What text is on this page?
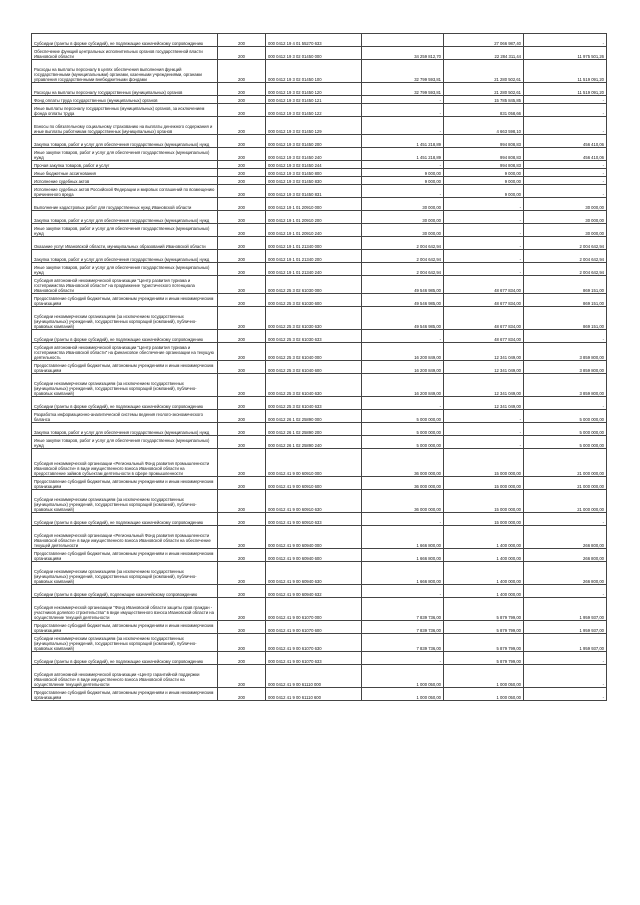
Субсидии (гранты в форме субсидий), не подлежащие казначейскому сопровождению	200	000 0412 19 4 01 55270 633		27 066 987,40	-
Обеспечение функций центральных исполнительных органов государственной власти Ивановской области	200	000 0412 19 3 02 01450 000	34 259 812,70	22 284 311,44	11 975 501,26
Расходы на выплаты персоналу в целях обеспечения выполнения функций государственными (муниципальными) органами, казенными учреждениями, органами управления государственными внебюджетными фондами	200	000 0412 19 3 02 01450 100	32 799 593,81	21 280 502,61	11 519 091,20
Расходы на выплаты персоналу государственных (муниципальных) органов	200	000 0412 19 3 02 01450 120	32 799 593,81	21 280 502,61	11 519 091,20
Фонд оплаты труда государственных (муниципальных) органов	200	000 0412 19 3 02 01450 121	-	15 785 845,85	-
Иные выплаты персоналу государственных (муниципальных) органов, за исключением фонда оплаты труда	200	000 0412 19 3 02 01450 122	-	831 058,66	-
Взносы по обязательному социальному страхованию на выплаты денежного содержания и иные выплаты работникам государственных (муниципальных) органов	200	000 0412 19 3 02 01450 129	-	4 663 598,10	-
Закупка товаров, работ и услуг для обеспечения государственных (муниципальных) нужд	200	000 0412 19 3 02 01450 200	1 451 218,89	994 808,83	456 410,06
Иные закупки товаров, работ и услуг для обеспечения государственных (муниципальных) нужд	200	000 0412 19 3 02 01450 240	1 451 218,89	994 808,83	456 410,06
Прочая закупка товаров, работ и услуг	200	000 0412 19 3 02 01450 244	-	994 808,83	-
Иные бюджетные ассигнования	200	000 0412 19 3 02 01450 800	9 000,00	9 000,00	-
Исполнение судебных актов	200	000 0412 19 3 02 01450 830	9 000,00	9 000,00	-
Исполнение судебных актов Российской Федерации и мировых соглашений по возмещению причиненного вреда	200	000 0412 19 3 02 01450 831	-	9 000,00	-
Выполнение кадастровых работ для государственных нужд Ивановской области	200	000 0412 19 1 01 20910 000	30 000,00	-	30 000,00
Закупка товаров, работ и услуг для обеспечения государственных (муниципальных) нужд	200	000 0412 19 1 01 20910 200	30 000,00	-	30 000,00
Иные закупки товаров, работ и услуг для обеспечения государственных (муниципальных) нужд	200	000 0412 19 1 01 20910 240	30 000,00	-	30 000,00
Оказание услуг Ивановской области, муниципальных образований Ивановской области	200	000 0412 19 1 01 21340 000	2 004 642,94	-	2 004 642,94
Закупка товаров, работ и услуг для обеспечения государственных (муниципальных) нужд	200	000 0412 19 1 01 21340 200	2 004 642,94	-	2 004 642,94
Иные закупки товаров, работ и услуг для обеспечения государственных (муниципальных) нужд	200	000 0412 19 1 01 21340 240	2 004 642,94	-	2 004 642,94
Субсидия автономной некоммерческой организации "Центр развития туризма и гостеприимства Ивановской области" на продвижение туристического потенциала Ивановской области	200	000 0412 25 3 02 61030 000	49 546 985,00	48 677 834,00	869 151,00
Предоставление субсидий бюджетным, автономным учреждениям и иным некоммерческим организациям	200	000 0412 25 3 02 61030 600	49 546 985,00	48 677 834,00	869 151,00
Субсидии некоммерческим организациям (за исключением государственных (муниципальных) учреждений, государственных корпораций (компаний), публично-правовых компаний)	200	000 0412 25 3 02 61030 630	49 546 985,00	48 677 834,00	869 151,00
Субсидии (гранты в форме субсидий), не подлежащие казначейскому сопровождению	200	000 0412 25 3 02 61030 633	-	48 677 834,00	-
Субсидия автономной некоммерческой организации "Центр развития туризма и гостеприимства Ивановской области" на финансовое обеспечение организации на текущую деятельность	200	000 0412 25 3 02 61040 000	16 200 849,00	12 341 049,00	3 859 800,00
Предоставление субсидий бюджетным, автономным учреждениям и иным некоммерческим организациям	200	000 0412 25 3 02 61040 600	16 200 849,00	12 341 049,00	3 859 800,00
Субсидии некоммерческим организациям (за исключением государственных (муниципальных) учреждений, государственных корпораций (компаний), публично-правовых компаний)	200	000 0412 25 3 02 61040 630	16 200 849,00	12 341 049,00	3 859 800,00
Субсидии (гранты в форме субсидий), не подлежащие казначейскому сопровождению	200	000 0412 25 3 02 61040 633	-	12 341 049,00	-
Разработка информационно-аналитической системы ведения геолого-экономического баланса	200	000 0412 26 1 02 25890 000	5 000 000,00	-	5 000 000,00
Закупка товаров, работ и услуг для обеспечения государственных (муниципальных) нужд	200	000 0412 26 1 02 25890 200	5 000 000,00	-	5 000 000,00
Иные закупки товаров, работ и услуг для обеспечения государственных (муниципальных) нужд	200	000 0412 26 1 02 25890 240	5 000 000,00	-	5 000 000,00
Субсидия некоммерческой организации «Региональный Фонд развития промышленности Ивановской области» в виде имущественного взноса Ивановской области на предоставление займов субъектам деятельности в сфере промышленности	200	000 0412 41 9 00 60910 000	36 000 000,00	15 000 000,00	21 000 000,00
Предоставление субсидий бюджетным, автономным учреждениям и иным некоммерческим организациям	200	000 0412 41 9 00 60910 600	36 000 000,00	15 000 000,00	21 000 000,00
Субсидии некоммерческим организациям (за исключением государственных (муниципальных) учреждений, государственных корпораций (компаний), публично-правовых компаний)	200	000 0412 41 9 00 60910 630	36 000 000,00	15 000 000,00	21 000 000,00
Субсидии (гранты в форме субсидий), не подлежащие казначейскому сопровождению	200	000 0412 41 9 00 60910 633	-	15 000 000,00	-
Субсидия некоммерческой организации «Региональный Фонд развития промышленности Ивановской области» в виде имущественного взноса Ивановской области на обеспечение текущей деятельности	200	000 0412 41 9 00 60940 000	1 666 800,00	1 400 000,00	266 800,00
Предоставление субсидий бюджетным, автономным учреждениям и иным некоммерческим организациям	200	000 0412 41 9 00 60940 600	1 666 800,00	1 400 000,00	266 800,00
Субсидии некоммерческим организациям (за исключением государственных (муниципальных) учреждений, государственных корпораций (компаний), публично-правовых компаний)	200	000 0412 41 9 00 60940 630	1 666 800,00	1 400 000,00	266 800,00
Субсидии (гранты в форме субсидий), подлежащие казначейскому сопровождению	200	000 0412 41 9 00 60940 632	-	1 400 000,00	-
Субсидия некоммерческой организации "Фонд Ивановской области защиты прав граждан - участников долевого строительства" в виде имущественного взноса Ивановской области на осуществление текущей деятельности	200	000 0412 41 9 00 61070 000	7 839 736,00	5 879 799,00	1 959 937,00
Предоставление субсидий бюджетным, автономным учреждениям и иным некоммерческим организациям	200	000 0412 41 9 00 61070 600	7 839 736,00	5 879 799,00	1 959 937,00
Субсидии некоммерческим организациям (за исключением государственных (муниципальных) учреждений, государственных корпораций (компаний), публично-правовых компаний)	200	000 0412 41 9 00 61070 630	7 839 736,00	5 879 799,00	1 959 937,00
Субсидии (гранты в форме субсидий), не подлежащие казначейскому сопровождению	200	000 0412 41 9 00 61070 633	-	5 879 799,00	-
Субсидия автономной некоммерческой организации «Центр гарантийной поддержки Ивановской области» в виде имущественного взноса Ивановской области на осуществление текущей деятельности	200	000 0412 41 9 00 61110 000	1 000 050,00	1 000 050,00	-
Предоставление субсидий бюджетным, автономным учреждениям и иным некоммерческим организациям	200	000 0412 41 9 00 61110 600	1 000 050,00	1 000 050,00	-
